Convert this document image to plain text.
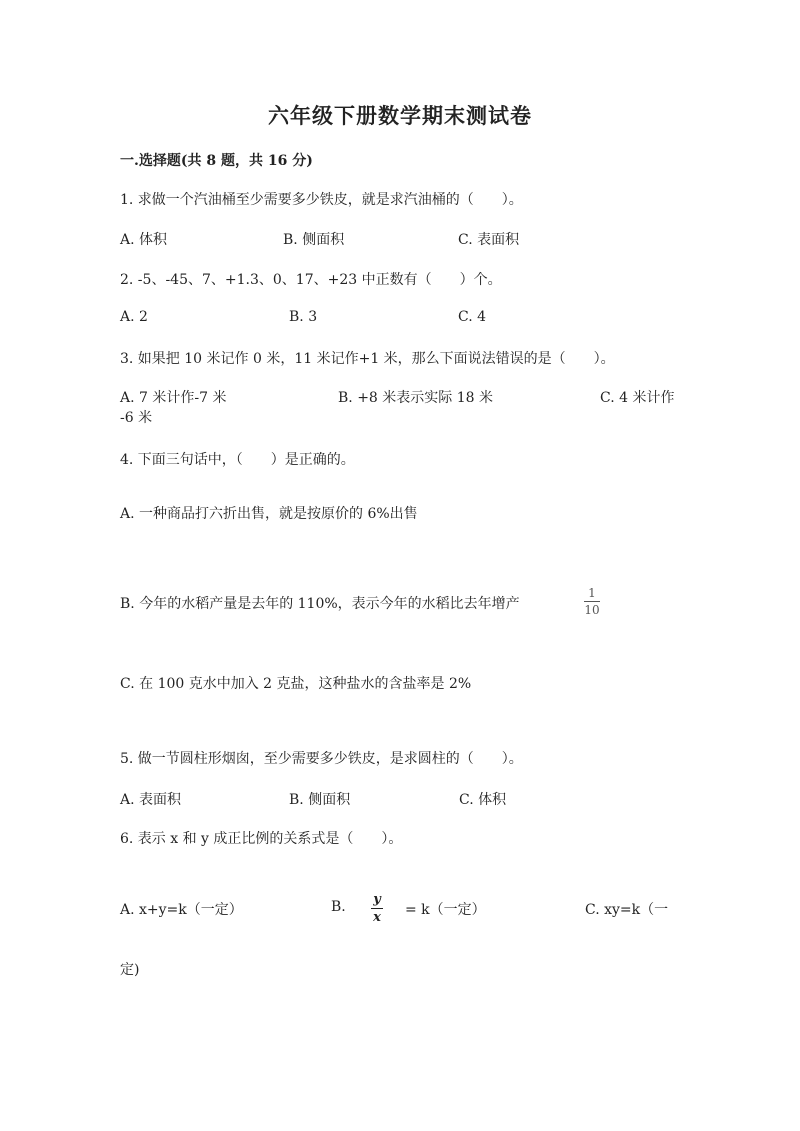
六年级下册数学期末测试卷
一.选择题(共 8 题，共 16 分)
1. 求做一个汽油桶至少需要多少铁皮，就是求汽油桶的（　　）。
A. 体积	B. 侧面积	C. 表面积
2. -5、-45、7、+1.3、0、17、+23 中正数有（　　）个。
A. 2	B. 3	C. 4
3. 如果把 10 米记作 0 米，11 米记作+1 米，那么下面说法错误的是（　　）。
A. 7 米计作-7 米	B. +8 米表示实际 18 米	C. 4 米计作
-6 米
4. 下面三句话中，（　　）是正确的。
A. 一种商品打六折出售，就是按原价的 6%出售
B. 今年的水稻产量是去年的 110%，表示今年的水稻比去年增产
1
10
C. 在 100 克水中加入 2 克盐，这种盐水的含盐率是 2%
5. 做一节圆柱形烟囱，至少需要多少铁皮，是求圆柱的（　　）。
A. 表面积	B. 侧面积	C. 体积
6. 表示 x 和 y 成正比例的关系式是（　　）。
A. x+y=k（一定）	B. y
x = k（一定）	C. xy=k（一
定)
